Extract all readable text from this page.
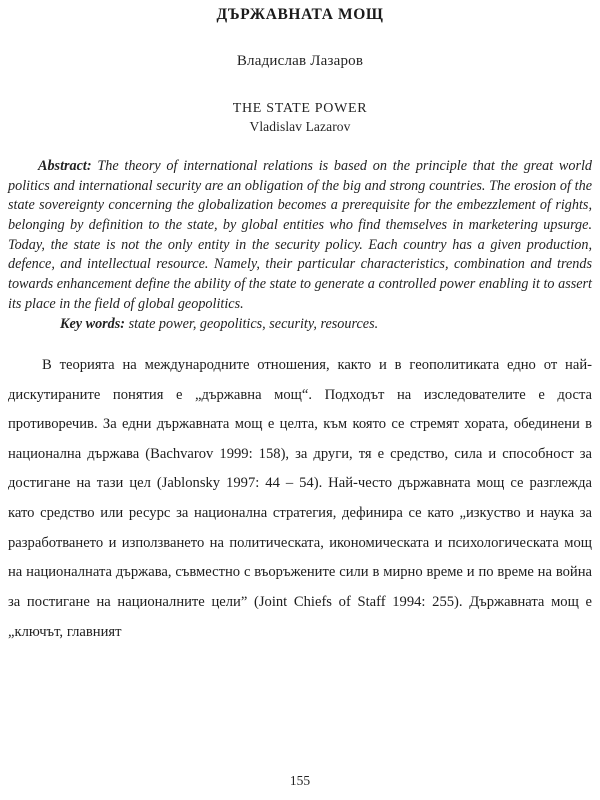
ДЪРЖАВНАТА МОЩ

Владислав Лазаров

THE STATE POWER

Vladislav Lazarov

Abstract: The theory of international relations is based on the principle that the great world politics and international security are an obligation of the big and strong countries. The erosion of the state sovereignty concerning the globalization becomes a prerequisite for the embezzlement of rights, belonging by definition to the state, by global entities who find themselves in marketering upsurge. Today, the state is not the only entity in the security policy. Each country has a given production, defence, and intellectual resource. Namely, their particular characteristics, combination and trends towards enhancement define the ability of the state to generate a controlled power enabling it to assert its place in the field of global geopolitics.

Key words: state power, geopolitics, security, resources.

В теорията на международните отношения, както и в геополитиката едно от най-дискутираните понятия е „държавна мощ“. Подходът на изследователите е доста противоречив. За едни държавната мощ е целта, към която се стремят хората, обединени в национална държава (Bachvarov 1999: 158), за други, тя е средство, сила и способност за достигане на тази цел (Jablonsky 1997: 44 – 54). Най-често държавната мощ се разглежда като средство или ресурс за национална стратегия, дефинира се като „изкуство и наука за разработването и използването на политическата, икономическата и психологическата мощ на националната държава, съвместно с въоръжените сили в мирно време и по време на война за постигане на националните цели” (Joint Chiefs of Staff 1994: 255). Държавната мощ е „ключът, главният

155
